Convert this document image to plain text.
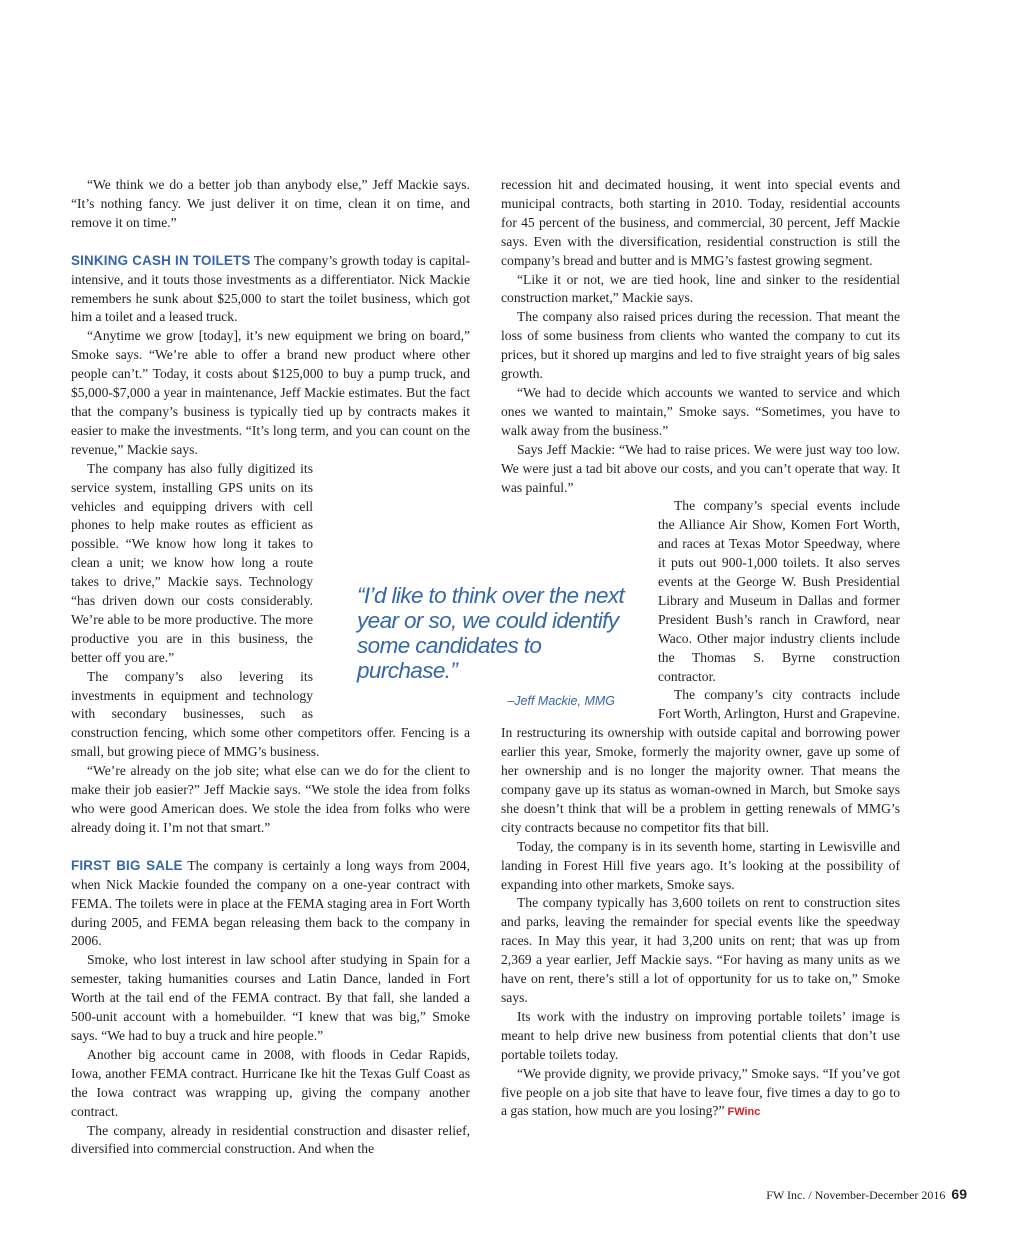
“We think we do a better job than anybody else,” Jeff Mackie says. “It’s nothing fancy. We just deliver it on time, clean it on time, and remove it on time.”

SINKING CASH IN TOILETS The company’s growth today is capital-intensive, and it touts those investments as a differentiator. Nick Mackie remembers he sunk about $25,000 to start the toilet business, which got him a toilet and a leased truck.

“Anytime we grow [today], it’s new equipment we bring on board,” Smoke says. “We’re able to offer a brand new product where other people can’t.” Today, it costs about $125,000 to buy a pump truck, and $5,000-$7,000 a year in maintenance, Jeff Mackie estimates. But the fact that the company’s business is typically tied up by contracts makes it easier to make the investments. “It’s long term, and you can count on the revenue,” Mackie says.

The company has also fully digitized its service system, installing GPS units on its vehicles and equipping drivers with cell phones to help make routes as efficient as possible. “We know how long it takes to clean a unit; we know how long a route takes to drive,” Mackie says. Technology “has driven down our costs considerably. We’re able to be more productive. The more productive you are in this business, the better off you are.”

The company’s also levering its investments in equipment and technology with secondary businesses, such as construction fencing, which some other competitors offer. Fencing is a small, but growing piece of MMG’s business.

“We’re already on the job site; what else can we do for the client to make their job easier?” Jeff Mackie says. “We stole the idea from folks who were good American does. We stole the idea from folks who were already doing it. I’m not that smart.”

FIRST BIG SALE The company is certainly a long ways from 2004, when Nick Mackie founded the company on a one-year contract with FEMA. The toilets were in place at the FEMA staging area in Fort Worth during 2005, and FEMA began releasing them back to the company in 2006.

Smoke, who lost interest in law school after studying in Spain for a semester, taking humanities courses and Latin Dance, landed in Fort Worth at the tail end of the FEMA contract. By that fall, she landed a 500-unit account with a homebuilder. “I knew that was big,” Smoke says. “We had to buy a truck and hire people.”

Another big account came in 2008, with floods in Cedar Rapids, Iowa, another FEMA contract. Hurricane Ike hit the Texas Gulf Coast as the Iowa contract was wrapping up, giving the company another contract.

The company, already in residential construction and disaster relief, diversified into commercial construction. And when the

recession hit and decimated housing, it went into special events and municipal contracts, both starting in 2010. Today, residential accounts for 45 percent of the business, and commercial, 30 percent, Jeff Mackie says. Even with the diversification, residential construction is still the company’s bread and butter and is MMG’s fastest growing segment.

“Like it or not, we are tied hook, line and sinker to the residential construction market,” Mackie says.

The company also raised prices during the recession. That meant the loss of some business from clients who wanted the company to cut its prices, but it shored up margins and led to five straight years of big sales growth.

“We had to decide which accounts we wanted to service and which ones we wanted to maintain,” Smoke says. “Sometimes, you have to walk away from the business.”

Says Jeff Mackie: “We had to raise prices. We were just way too low. We were just a tad bit above our costs, and you can’t operate that way. It was painful.”

The company’s special events include the Alliance Air Show, Komen Fort Worth, and races at Texas Motor Speedway, where it puts out 900-1,000 toilets. It also serves events at the George W. Bush Presidential Library and Museum in Dallas and former President Bush’s ranch in Crawford, near Waco. Other major industry clients include the Thomas S. Byrne construction contractor.

The company’s city contracts include Fort Worth, Arlington, Hurst and Grapevine. In restructuring its ownership with outside capital and borrowing power earlier this year, Smoke, formerly the majority owner, gave up some of her ownership and is no longer the majority owner. That means the company gave up its status as woman-owned in March, but Smoke says she doesn’t think that will be a problem in getting renewals of MMG’s city contracts because no competitor fits that bill.

Today, the company is in its seventh home, starting in Lewisville and landing in Forest Hill five years ago. It’s looking at the possibility of expanding into other markets, Smoke says.

The company typically has 3,600 toilets on rent to construction sites and parks, leaving the remainder for special events like the speedway races. In May this year, it had 3,200 units on rent; that was up from 2,369 a year earlier, Jeff Mackie says. “For having as many units as we have on rent, there’s still a lot of opportunity for us to take on,” Smoke says.

Its work with the industry on improving portable toilets’ image is meant to help drive new business from potential clients that don’t use portable toilets today.

“We provide dignity, we provide privacy,” Smoke says. “If you’ve got five people on a job site that have to leave four, five times a day to go to a gas station, how much are you losing?” FWinc

“I’d like to think over the next year or so, we could identify some candidates to purchase.”
–Jeff Mackie, MMG
FW Inc. / November-December 2016 69
